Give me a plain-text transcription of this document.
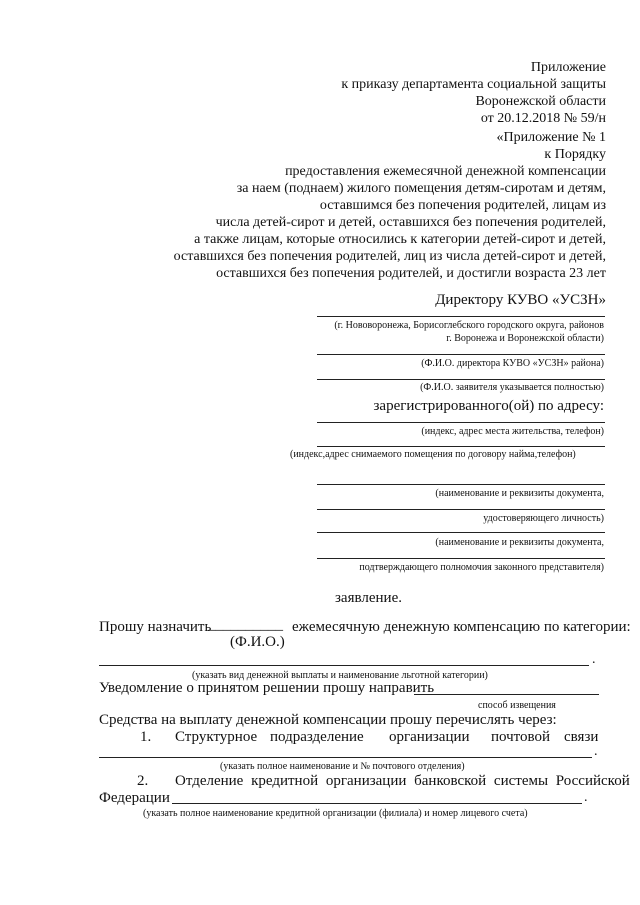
Приложение
к приказу департамента социальной защиты
Воронежской области
от 20.12.2018 № 59/н
«Приложение № 1
к Порядку
предоставления ежемесячной денежной компенсации
за наем (поднаем) жилого помещения детям-сиротам и детям,
оставшимся без попечения родителей, лицам из
числа детей-сирот и детей, оставшихся без попечения родителей,
а также лицам, которые относились к категории детей-сирот и детей,
оставшихся без попечения родителей, лиц из числа детей-сирот и детей,
оставшихся без попечения родителей, и достигли возраста 23 лет
Директору КУВО «УСЗН»
(г. Нововоронежа, Борисоглебского городского округа, районов
г. Воронежа и Воронежской области)
(Ф.И.О. директора КУВО «УСЗН» района)
(Ф.И.О. заявителя указывается полностью)
зарегистрированного(ой) по адресу:
(индекс, адрес места жительства, телефон)
(индекс,адрес снимаемого помещения по договору найма,телефон)
(наименование и реквизиты документа,
удостоверяющего личность)
(наименование и реквизиты документа,
подтверждающего полномочия законного представителя)
заявление.
Прошу назначить
__________ ежемесячную денежную компенсацию по категории:
(Ф.И.О.)
.
(указать вид денежной выплаты и наименование льготной категории)
Уведомление о принятом решении прошу направить
способ извещения
Средства на выплату денежной компенсации прошу перечислять через:
1. Структурное подразделение организации почтовой связи
.
(указать полное наименование и № почтового отделения)
2. Отделение кредитной организации банковской системы Российской
Федерации	.
(указать полное наименование кредитной организации (филиала) и номер лицевого счета)
